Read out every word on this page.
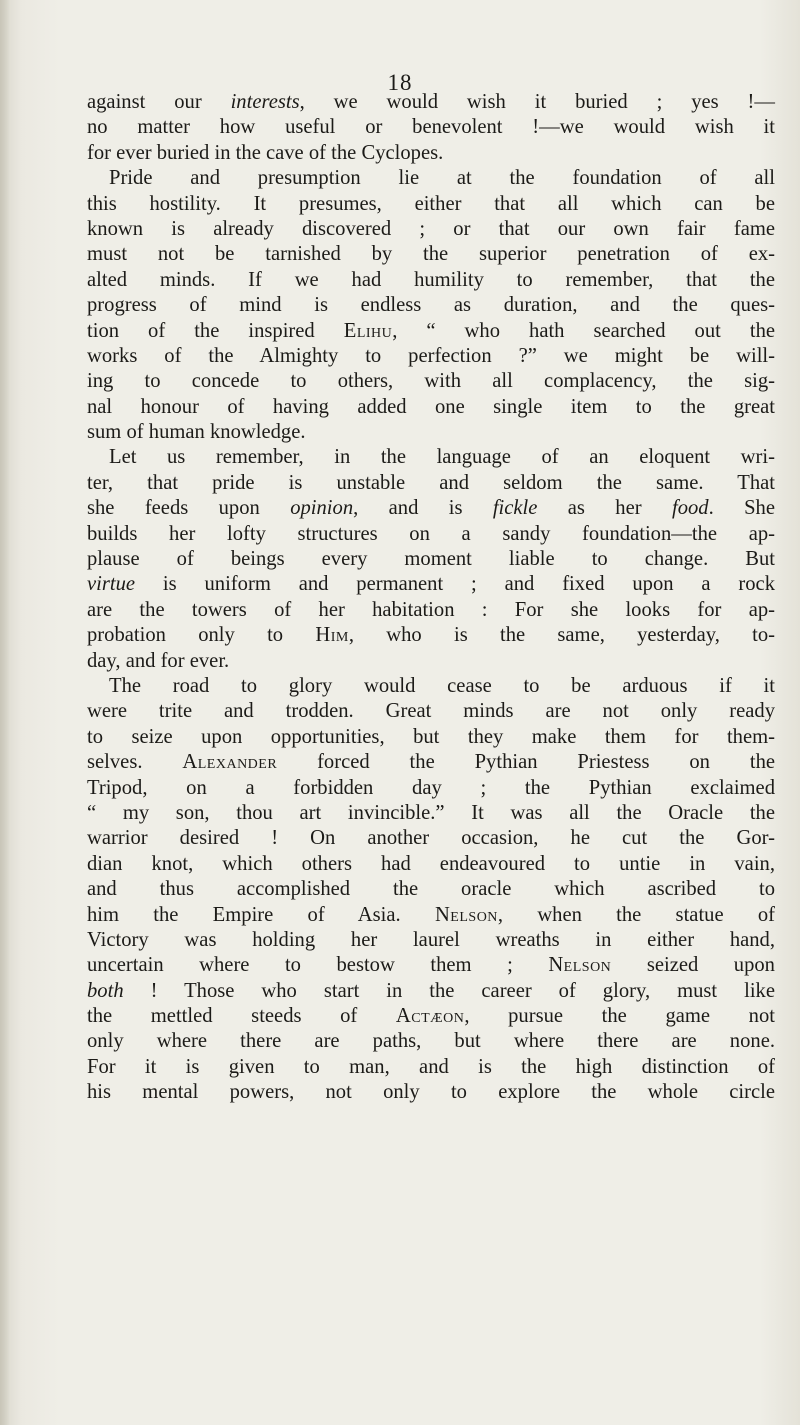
18
against our interests, we would wish it buried ; yes !—
no matter how useful or benevolent !—we would wish it
for ever buried in the cave of the Cyclopes.
Pride and presumption lie at the foundation of all
this hostility. It presumes, either that all which can be
known is already discovered ; or that our own fair fame
must not be tarnished by the superior penetration of ex-
alted minds. If we had humility to remember, that the
progress of mind is endless as duration, and the ques-
tion of the inspired Elihu, “ who hath searched out the
works of the Almighty to perfection ?” we might be will-
ing to concede to others, with all complacency, the sig-
nal honour of having added one single item to the great
sum of human knowledge.
Let us remember, in the language of an eloquent wri-
ter, that pride is unstable and seldom the same. That
she feeds upon opinion, and is fickle as her food. She
builds her lofty structures on a sandy foundation—the ap-
plause of beings every moment liable to change. But
virtue is uniform and permanent ; and fixed upon a rock
are the towers of her habitation : For she looks for ap-
probation only to Him, who is the same, yesterday, to-
day, and for ever.
The road to glory would cease to be arduous if it
were trite and trodden. Great minds are not only ready
to seize upon opportunities, but they make them for them-
selves. Alexander forced the Pythian Priestess on the
Tripod, on a forbidden day ; the Pythian exclaimed
“ my son, thou art invincible.” It was all the Oracle the
warrior desired ! On another occasion, he cut the Gor-
dian knot, which others had endeavoured to untie in vain,
and thus accomplished the oracle which ascribed to
him the Empire of Asia. Nelson, when the statue of
Victory was holding her laurel wreaths in either hand,
uncertain where to bestow them ; Nelson seized upon
both ! Those who start in the career of glory, must like
the mettled steeds of Actæon, pursue the game not
only where there are paths, but where there are none.
For it is given to man, and is the high distinction of
his mental powers, not only to explore the whole circle
